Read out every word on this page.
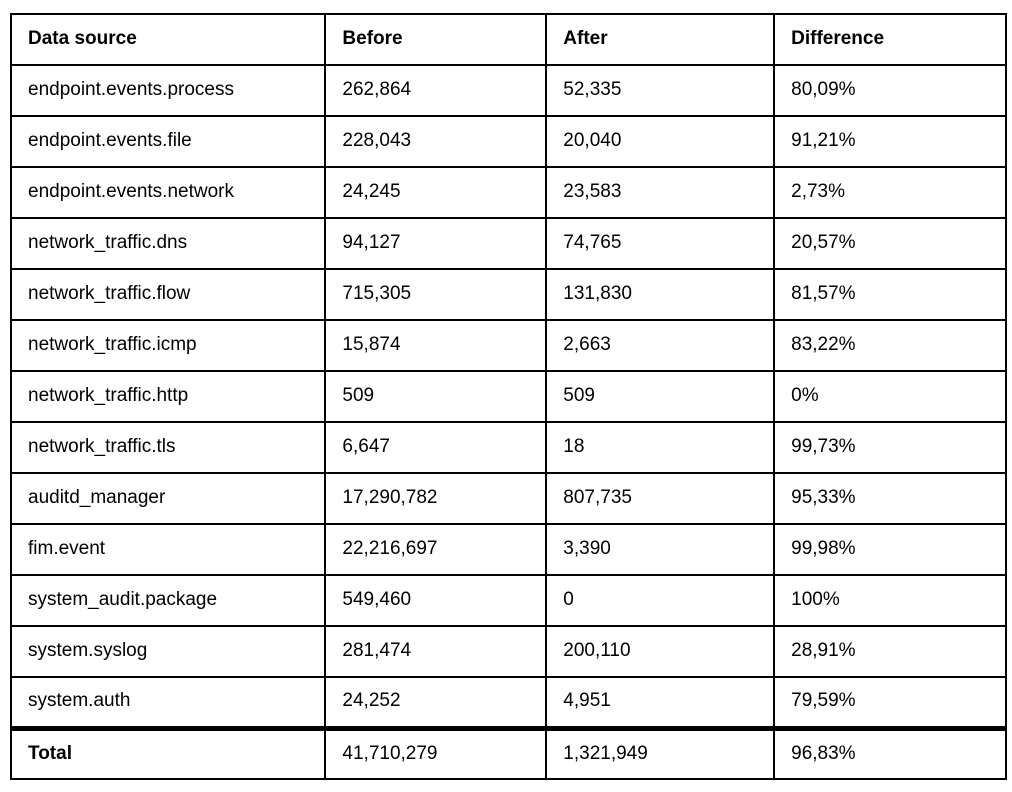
Data source	Before	After	Difference
endpoint.events.process	262,864	52,335	80,09%
endpoint.events.file	228,043	20,040	91,21%
endpoint.events.network	24,245	23,583	2,73%
network_traffic.dns	94,127	74,765	20,57%
network_traffic.flow	715,305	131,830	81,57%
network_traffic.icmp	15,874	2,663	83,22%
network_traffic.http	509	509	0%
network_traffic.tls	6,647	18	99,73%
auditd_manager	17,290,782	807,735	95,33%
fim.event	22,216,697	3,390	99,98%
system_audit.package	549,460	0	100%
system.syslog	281,474	200,110	28,91%
system.auth	24,252	4,951	79,59%
Total	41,710,279	1,321,949	96,83%
